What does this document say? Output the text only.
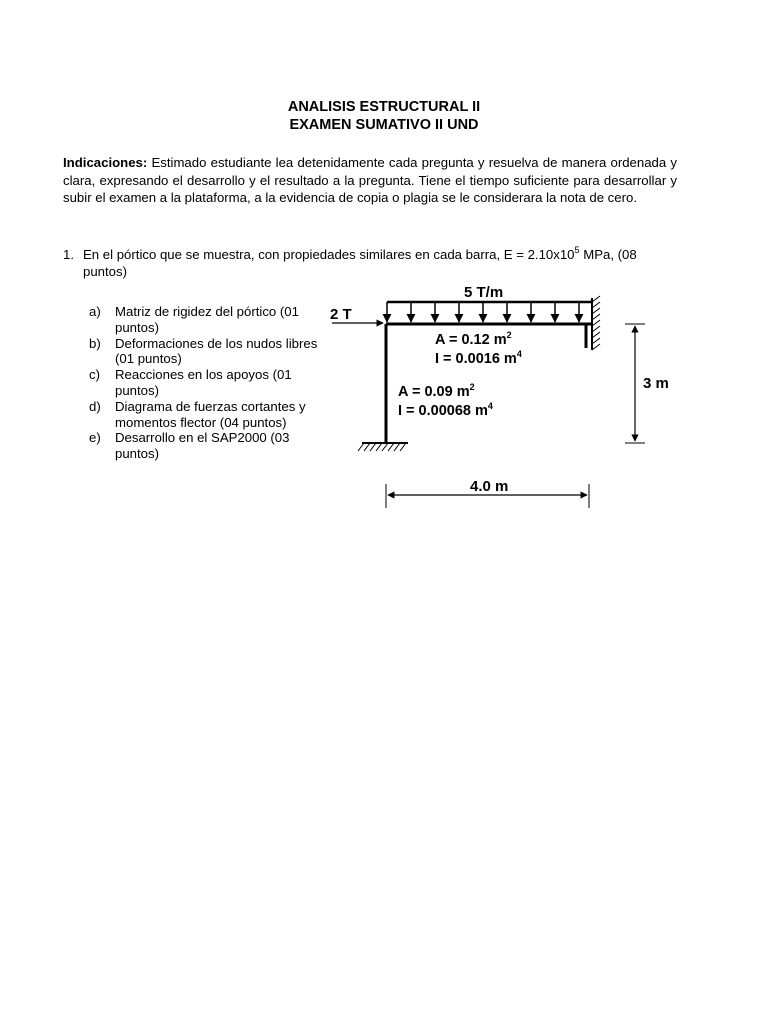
ANALISIS ESTRUCTURAL II
EXAMEN SUMATIVO II UND
Indicaciones: Estimado estudiante lea detenidamente cada pregunta y resuelva de manera ordenada y clara, expresando el desarrollo y el resultado a la pregunta. Tiene el tiempo suficiente para desarrollar y subir el examen a la plataforma, a la evidencia de copia o plagia se le considerara la nota de cero.
1. En el pórtico que se muestra, con propiedades similares en cada barra, $E = 2.10x10^5$ MPa, (08 puntos)
a) Matriz de rigidez del pórtico (01 puntos)
b) Deformaciones de los nudos libres (01 puntos)
c) Reacciones en los apoyos (01 puntos)
d) Diagrama de fuerzas cortantes y momentos flector (04 puntos)
e) Desarrollo en el SAP2000 (03 puntos)
5 T/m
2 T
A = 0.12 $m^2$
I = 0.0016 $m^4$
A = 0.09 $m^2$
I = 0.00068 $m^4$
3 m
4.0 m
